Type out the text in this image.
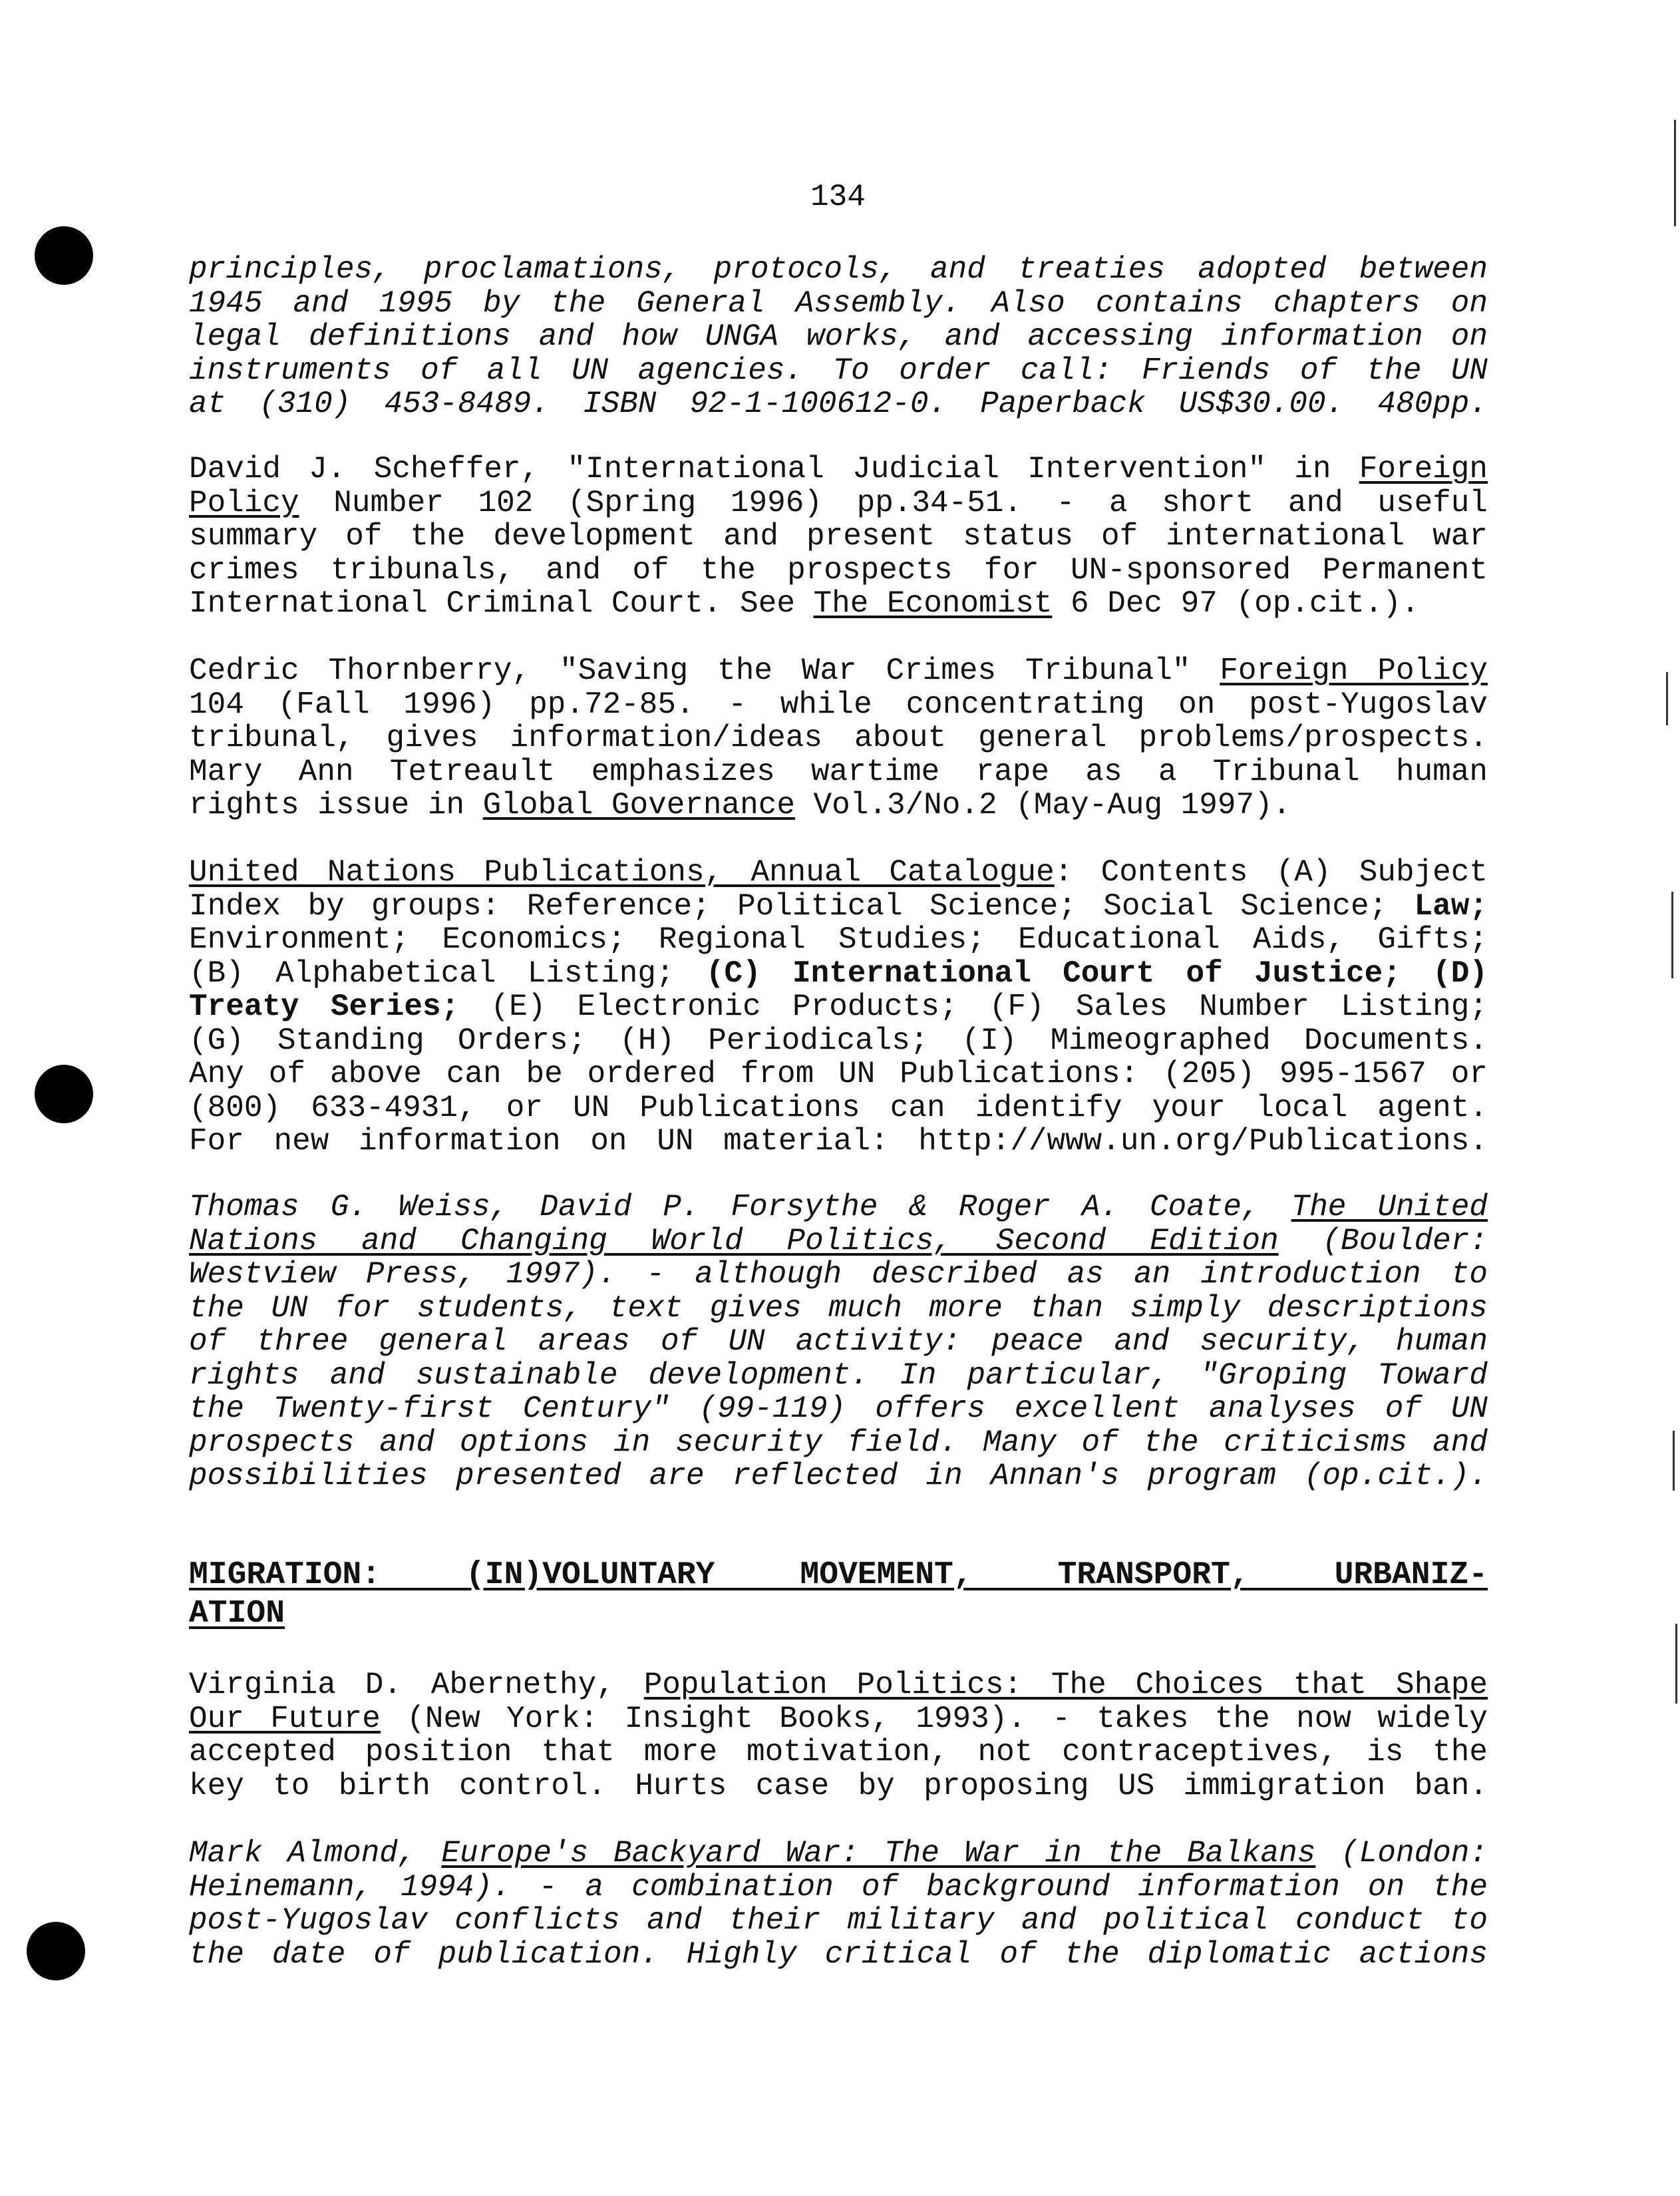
134
principles, proclamations, protocols, and treaties adopted between
1945 and 1995 by the General Assembly. Also contains chapters on
legal definitions and how UNGA works, and accessing information on
instruments of all UN agencies. To order call: Friends of the UN
at (310) 453-8489. ISBN 92-1-100612-0. Paperback US$30.00. 480pp.
David J. Scheffer, "International Judicial Intervention" in Foreign
Policy Number 102 (Spring 1996) pp.34-51. - a short and useful
summary of the development and present status of international war
crimes tribunals, and of the prospects for UN-sponsored Permanent
International Criminal Court. See The Economist 6 Dec 97 (op.cit.).
Cedric Thornberry, "Saving the War Crimes Tribunal" Foreign Policy
104 (Fall 1996) pp.72-85. - while concentrating on post-Yugoslav
tribunal, gives information/ideas about general problems/prospects.
Mary Ann Tetreault emphasizes wartime rape as a Tribunal human
rights issue in Global Governance Vol.3/No.2 (May-Aug 1997).
United Nations Publications, Annual Catalogue: Contents (A) Subject
Index by groups: Reference; Political Science; Social Science; Law;
Environment; Economics; Regional Studies; Educational Aids, Gifts;
(B) Alphabetical Listing; (C) International Court of Justice; (D)
Treaty Series; (E) Electronic Products; (F) Sales Number Listing;
(G) Standing Orders; (H) Periodicals; (I) Mimeographed Documents.
Any of above can be ordered from UN Publications: (205) 995-1567 or
(800) 633-4931, or UN Publications can identify your local agent.
For new information on UN material: http://www.un.org/Publications.
Thomas G. Weiss, David P. Forsythe & Roger A. Coate, The United
Nations and Changing World Politics, Second Edition (Boulder:
Westview Press, 1997). - although described as an introduction to
the UN for students, text gives much more than simply descriptions
of three general areas of UN activity: peace and security, human
rights and sustainable development. In particular, "Groping Toward
the Twenty-first Century" (99-119) offers excellent analyses of UN
prospects and options in security field. Many of the criticisms and
possibilities presented are reflected in Annan's program (op.cit.).
MIGRATION: (IN)VOLUNTARY MOVEMENT, TRANSPORT, URBANIZ-
ATION
Virginia D. Abernethy, Population Politics: The Choices that Shape
Our Future (New York: Insight Books, 1993). - takes the now widely
accepted position that more motivation, not contraceptives, is the
key to birth control. Hurts case by proposing US immigration ban.
Mark Almond, Europe's Backyard War: The War in the Balkans (London:
Heinemann, 1994). - a combination of background information on the
post-Yugoslav conflicts and their military and political conduct to
the date of publication. Highly critical of the diplomatic actions
